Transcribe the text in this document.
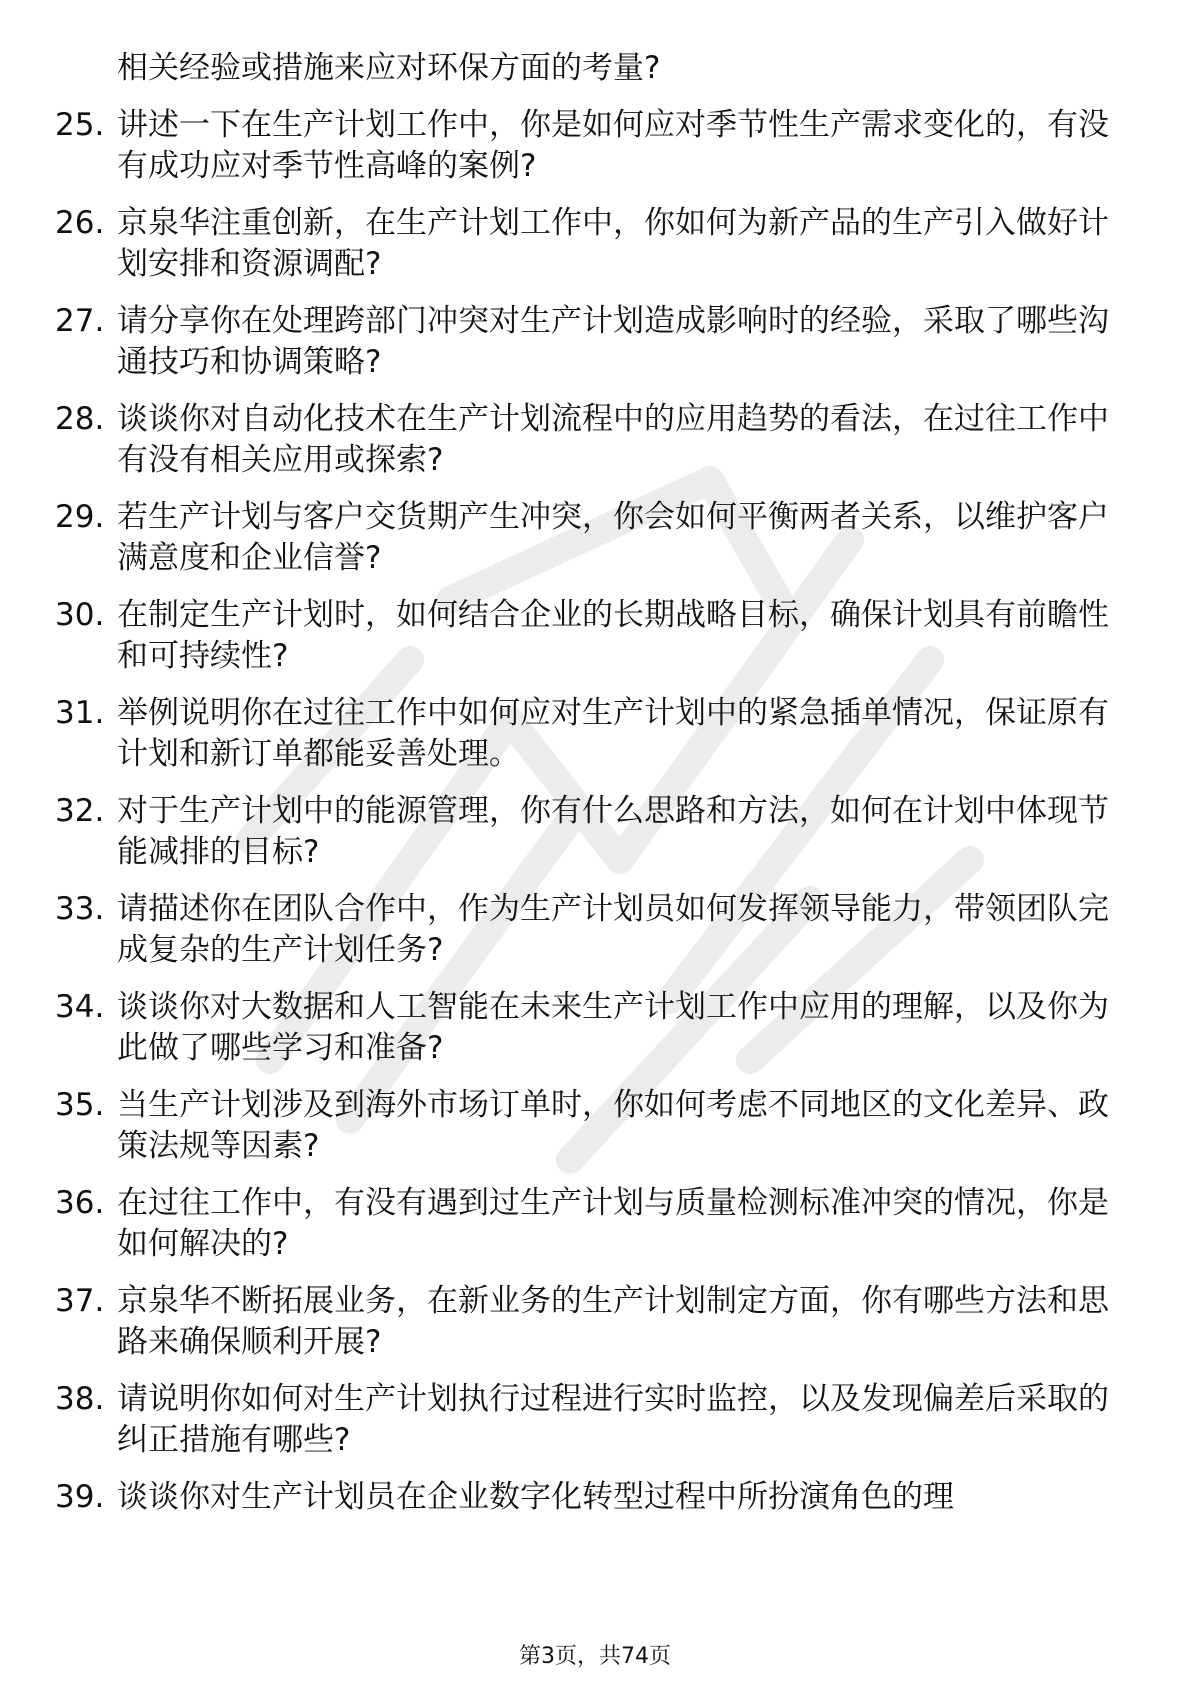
相关经验或措施来应对环保方面的考量?
25. 讲述一下在生产计划工作中，你是如何应对季节性生产需求变化的，有没有成功应对季节性高峰的案例?
26. 京泉华注重创新，在生产计划工作中，你如何为新产品的生产引入做好计划安排和资源调配?
27. 请分享你在处理跨部门冲突对生产计划造成影响时的经验，采取了哪些沟通技巧和协调策略?
28. 谈谈你对自动化技术在生产计划流程中的应用趋势的看法，在过往工作中有没有相关应用或探索?
29. 若生产计划与客户交货期产生冲突，你会如何平衡两者关系，以维护客户满意度和企业信誉?
30. 在制定生产计划时，如何结合企业的长期战略目标，确保计划具有前瞻性和可持续性?
31. 举例说明你在过往工作中如何应对生产计划中的紧急插单情况，保证原有计划和新订单都能妥善处理。
32. 对于生产计划中的能源管理，你有什么思路和方法，如何在计划中体现节能减排的目标?
33. 请描述你在团队合作中，作为生产计划员如何发挥领导能力，带领团队完成复杂的生产计划任务?
34. 谈谈你对大数据和人工智能在未来生产计划工作中应用的理解，以及你为此做了哪些学习和准备?
35. 当生产计划涉及到海外市场订单时，你如何考虑不同地区的文化差异、政策法规等因素?
36. 在过往工作中，有没有遇到过生产计划与质量检测标准冲突的情况，你是如何解决的?
37. 京泉华不断拓展业务，在新业务的生产计划制定方面，你有哪些方法和思路来确保顺利开展?
38. 请说明你如何对生产计划执行过程进行实时监控，以及发现偏差后采取的纠正措施有哪些?
39. 谈谈你对生产计划员在企业数字化转型过程中所扮演角色的理
第3页，共74页
